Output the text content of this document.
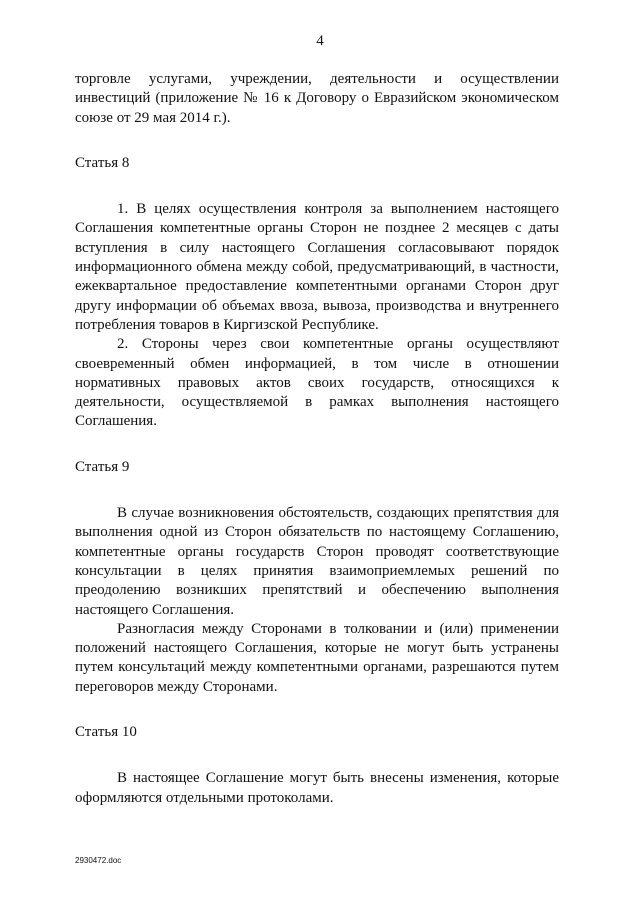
4

торговле услугами, учреждении, деятельности и осуществлении инвестиций (приложение № 16 к Договору о Евразийском экономическом союзе от 29 мая 2014 г.).

Статья 8

1. В целях осуществления контроля за выполнением настоящего Соглашения компетентные органы Сторон не позднее 2 месяцев с даты вступления в силу настоящего Соглашения согласовывают порядок информационного обмена между собой, предусматривающий, в частности, ежеквартальное предоставление компетентными органами Сторон друг другу информации об объемах ввоза, вывоза, производства и внутреннего потребления товаров в Киргизской Республике.

2. Стороны через свои компетентные органы осуществляют своевременный обмен информацией, в том числе в отношении нормативных правовых актов своих государств, относящихся к деятельности, осуществляемой в рамках выполнения настоящего Соглашения.

Статья 9

В случае возникновения обстоятельств, создающих препятствия для выполнения одной из Сторон обязательств по настоящему Соглашению, компетентные органы государств Сторон проводят соответствующие консультации в целях принятия взаимоприемлемых решений по преодолению возникших препятствий и обеспечению выполнения настоящего Соглашения.

Разногласия между Сторонами в толковании и (или) применении положений настоящего Соглашения, которые не могут быть устранены путем консультаций между компетентными органами, разрешаются путем переговоров между Сторонами.

Статья 10

В настоящее Соглашение могут быть внесены изменения, которые оформляются отдельными протоколами.

2930472.doc
